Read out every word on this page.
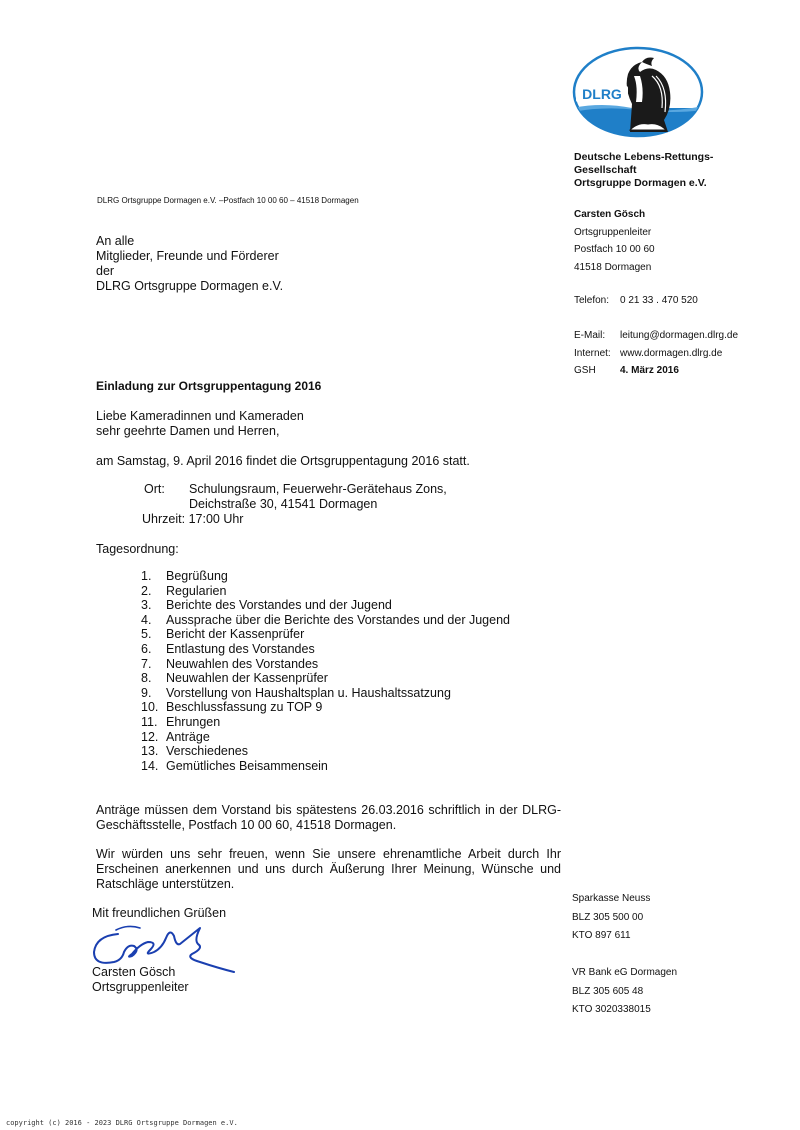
DLRG
Deutsche Lebens-Rettungs-
Gesellschaft
Ortsgruppe Dormagen e.V.
DLRG Ortsgruppe Dormagen e.V. –Postfach 10 00 60 – 41518 Dormagen
An alle
Mitglieder, Freunde und Förderer
der
DLRG Ortsgruppe Dormagen e.V.
Carsten Gösch
Ortsgruppenleiter
Postfach 10 00 60
41518 Dormagen
Telefon: 0 21 33 . 470 520
E-Mail: leitung@dormagen.dlrg.de
Internet: www.dormagen.dlrg.de
GSH 4. März 2016
Einladung zur Ortsgruppentagung 2016
Liebe Kameradinnen und Kameraden
sehr geehrte Damen und Herren,
am Samstag, 9. April 2016 findet die Ortsgruppentagung 2016 statt.
Ort:	Schulungsraum, Feuerwehr-Gerätehaus Zons,
Deichstraße 30, 41541 Dormagen
Uhrzeit: 17:00 Uhr
Tagesordnung:
1.	Begrüßung
2.	Regularien
3.	Berichte des Vorstandes und der Jugend
4.	Aussprache über die Berichte des Vorstandes und der Jugend
5.	Bericht der Kassenprüfer
6.	Entlastung des Vorstandes
7.	Neuwahlen des Vorstandes
8.	Neuwahlen der Kassenprüfer
9.	Vorstellung von Haushaltsplan u. Haushaltssatzung
10. Beschlussfassung zu TOP 9
11. Ehrungen
12. Anträge
13. Verschiedenes
14. Gemütliches Beisammensein
Anträge müssen dem Vorstand bis spätestens 26.03.2016 schriftlich in der DLRG-Geschäftsstelle, Postfach 10 00 60, 41518 Dormagen.
Wir würden uns sehr freuen, wenn Sie unsere ehrenamtliche Arbeit durch Ihr Erscheinen anerkennen und uns durch Äußerung Ihrer Meinung, Wünsche und Ratschläge unterstützen.
Mit freundlichen Grüßen
Carsten Gösch
Ortsgruppenleiter
Sparkasse Neuss
BLZ 305 500 00
KTO 897 611
VR Bank eG Dormagen
BLZ 305 605 48
KTO 3020338015
copyright (c) 2016 - 2023 DLRG Ortsgruppe Dormagen e.V.
